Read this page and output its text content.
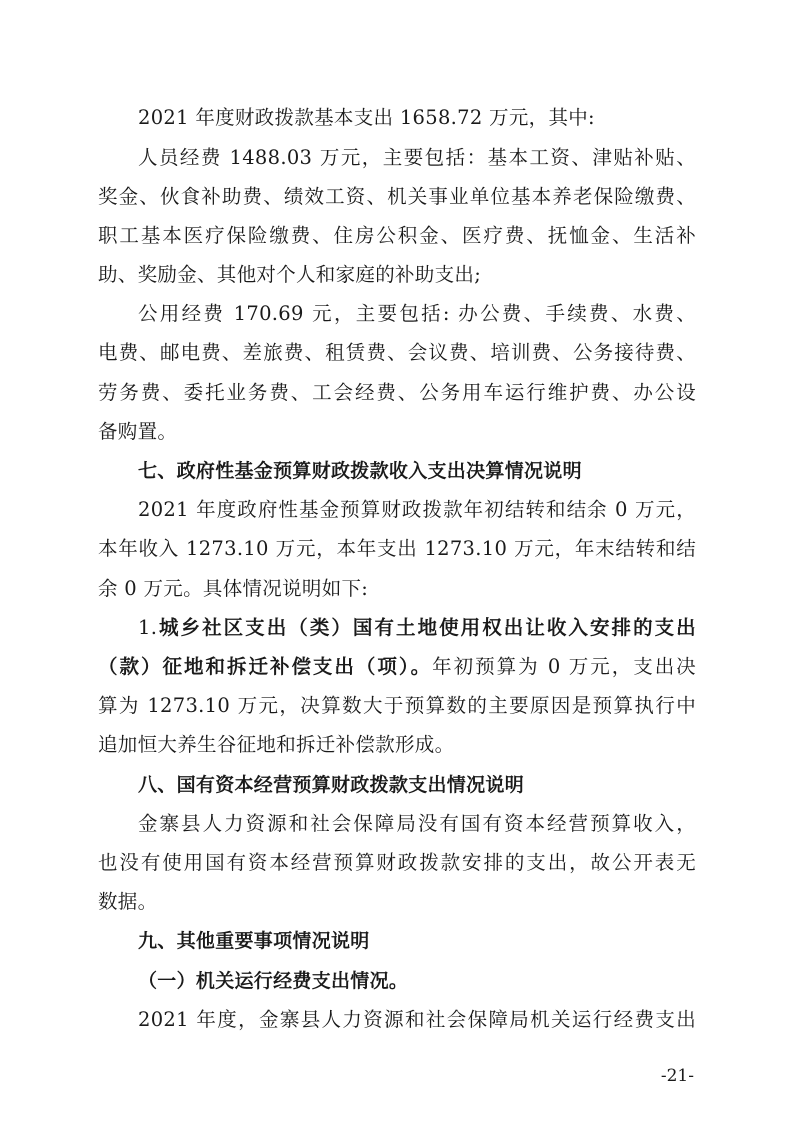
2021 年度财政拨款基本支出 1658.72 万元，其中:
人员经费 1488.03 万元，主要包括：基本工资、津贴补贴、
奖金、伙食补助费、绩效工资、机关事业单位基本养老保险缴费、
职工基本医疗保险缴费、住房公积金、医疗费、抚恤金、生活补
助、奖励金、其他对个人和家庭的补助支出;
公用经费 170.69 元，主要包括: 办公费、手续费、水费、
电费、邮电费、差旅费、租赁费、会议费、培训费、公务接待费、
劳务费、委托业务费、工会经费、公务用车运行维护费、办公设
备购置。
七、政府性基金预算财政拨款收入支出决算情况说明
2021 年度政府性基金预算财政拨款年初结转和结余 0 万元，
本年收入 1273.10 万元，本年支出 1273.10 万元，年末结转和结
余 0 万元。具体情况说明如下:
1.城乡社区支出（类）国有土地使用权出让收入安排的支出
（款）征地和拆迁补偿支出（项）。年初预算为 0 万元，支出决
算为 1273.10 万元，决算数大于预算数的主要原因是预算执行中
追加恒大养生谷征地和拆迁补偿款形成。
八、国有资本经营预算财政拨款支出情况说明
金寨县人力资源和社会保障局没有国有资本经营预算收入，
也没有使用国有资本经营预算财政拨款安排的支出，故公开表无
数据。
九、其他重要事项情况说明
（一）机关运行经费支出情况。
2021 年度，金寨县人力资源和社会保障局机关运行经费支出
-21-
